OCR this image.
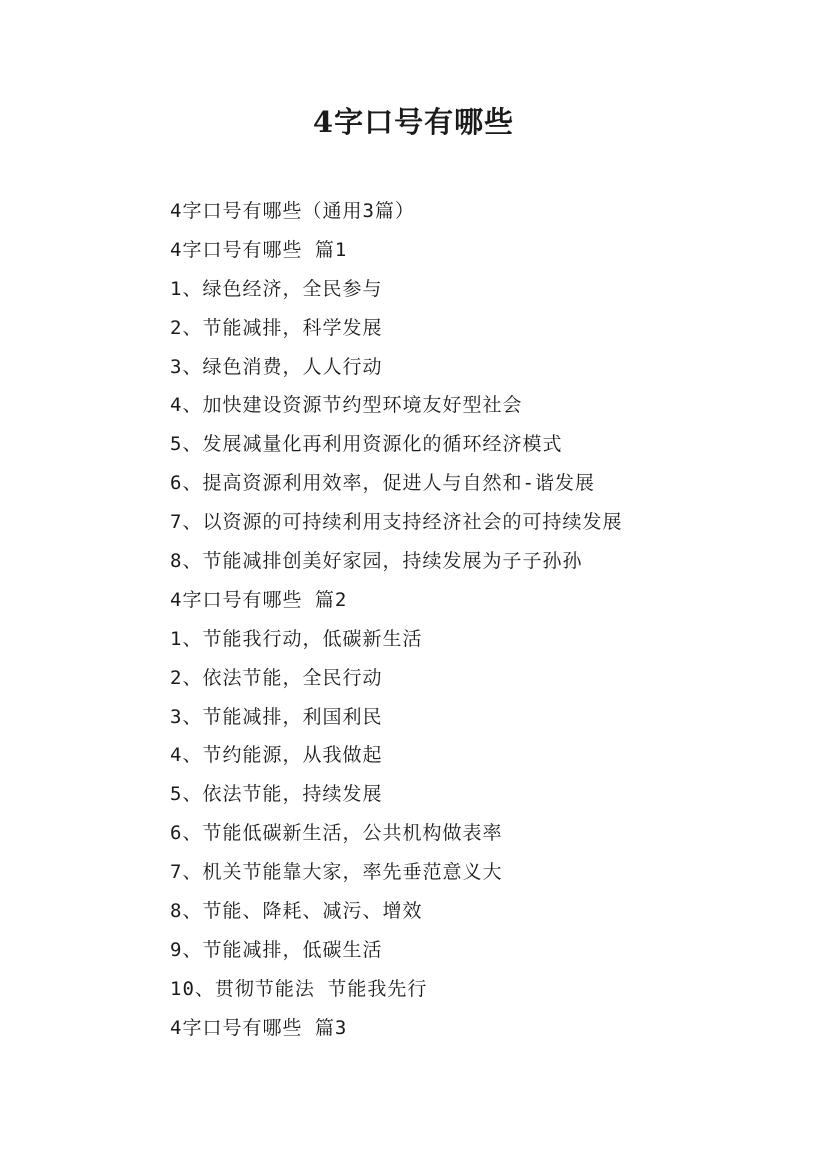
4字口号有哪些
4字口号有哪些（通用3篇）
4字口号有哪些 篇1
1、绿色经济，全民参与
2、节能减排，科学发展
3、绿色消费，人人行动
4、加快建设资源节约型环境友好型社会
5、发展减量化再利用资源化的循环经济模式
6、提高资源利用效率，促进人与自然和-谐发展
7、以资源的可持续利用支持经济社会的可持续发展
8、节能减排创美好家园，持续发展为子子孙孙
4字口号有哪些 篇2
1、节能我行动，低碳新生活
2、依法节能，全民行动
3、节能减排，利国利民
4、节约能源，从我做起
5、依法节能，持续发展
6、节能低碳新生活，公共机构做表率
7、机关节能靠大家，率先垂范意义大
8、节能、降耗、减污、增效
9、节能减排，低碳生活
10、贯彻节能法 节能我先行
4字口号有哪些 篇3
